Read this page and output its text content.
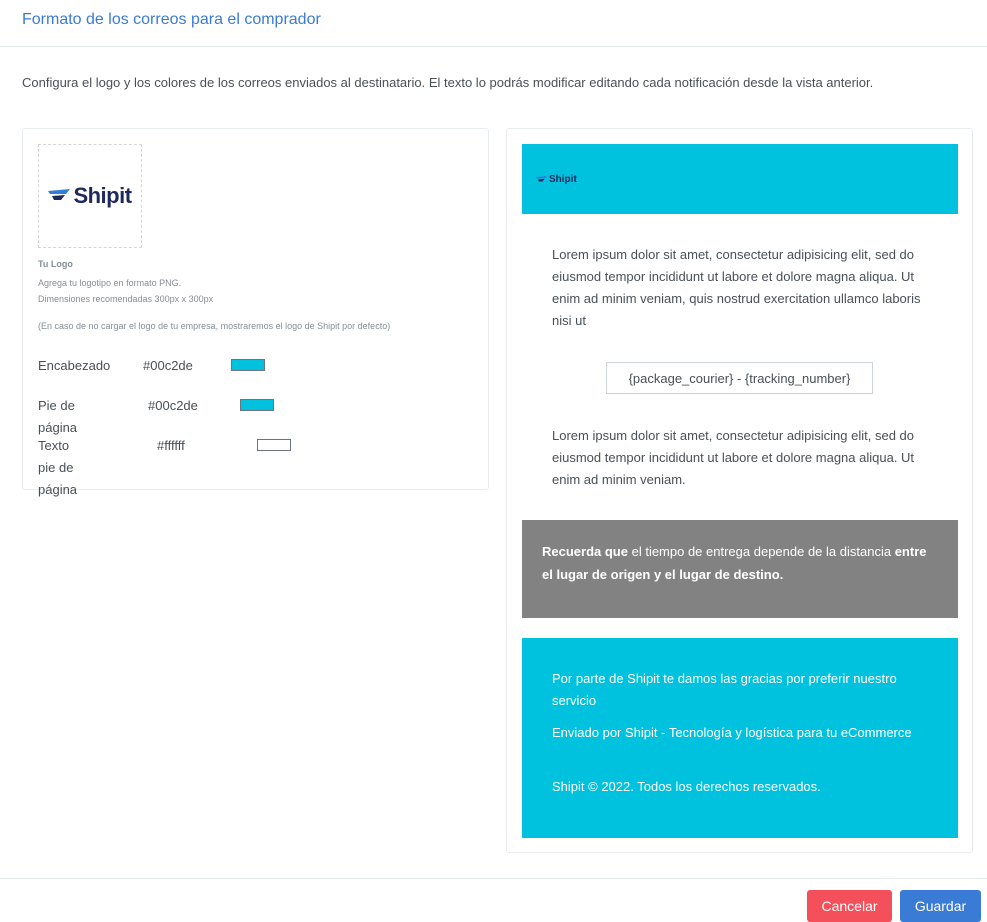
Formato de los correos para el comprador
Configura el logo y los colores de los correos enviados al destinatario. El texto lo podrás modificar editando cada notificación desde la vista anterior.
Shipit
Tu Logo
Agrega tu logotipo en formato PNG.
Dimensiones recomendadas 300px x 300px
(En caso de no cargar el logo de tu empresa, mostraremos el logo de Shipit por defecto)
Encabezado	#00c2de
Pie de página
#00c2de
Texto pie de
página
#ffffff
Shipit
Lorem ipsum dolor sit amet, consectetur adipisicing elit, sed do eiusmod tempor incididunt ut labore et dolore magna aliqua. Ut enim ad minim veniam, quis nostrud exercitation ullamco laboris nisi ut
{package_courier} - {tracking_number}
Lorem ipsum dolor sit amet, consectetur adipisicing elit, sed do eiusmod tempor incididunt ut labore et dolore magna aliqua. Ut enim ad minim veniam.
Recuerda que el tiempo de entrega depende de la distancia entre el lugar de origen y el lugar de destino.
Por parte de Shipit te damos las gracias por preferir nuestro servicio
Enviado por Shipit - Tecnología y logística para tu eCommerce
Shipit © 2022. Todos los derechos reservados.
Cancelar	Guardar
